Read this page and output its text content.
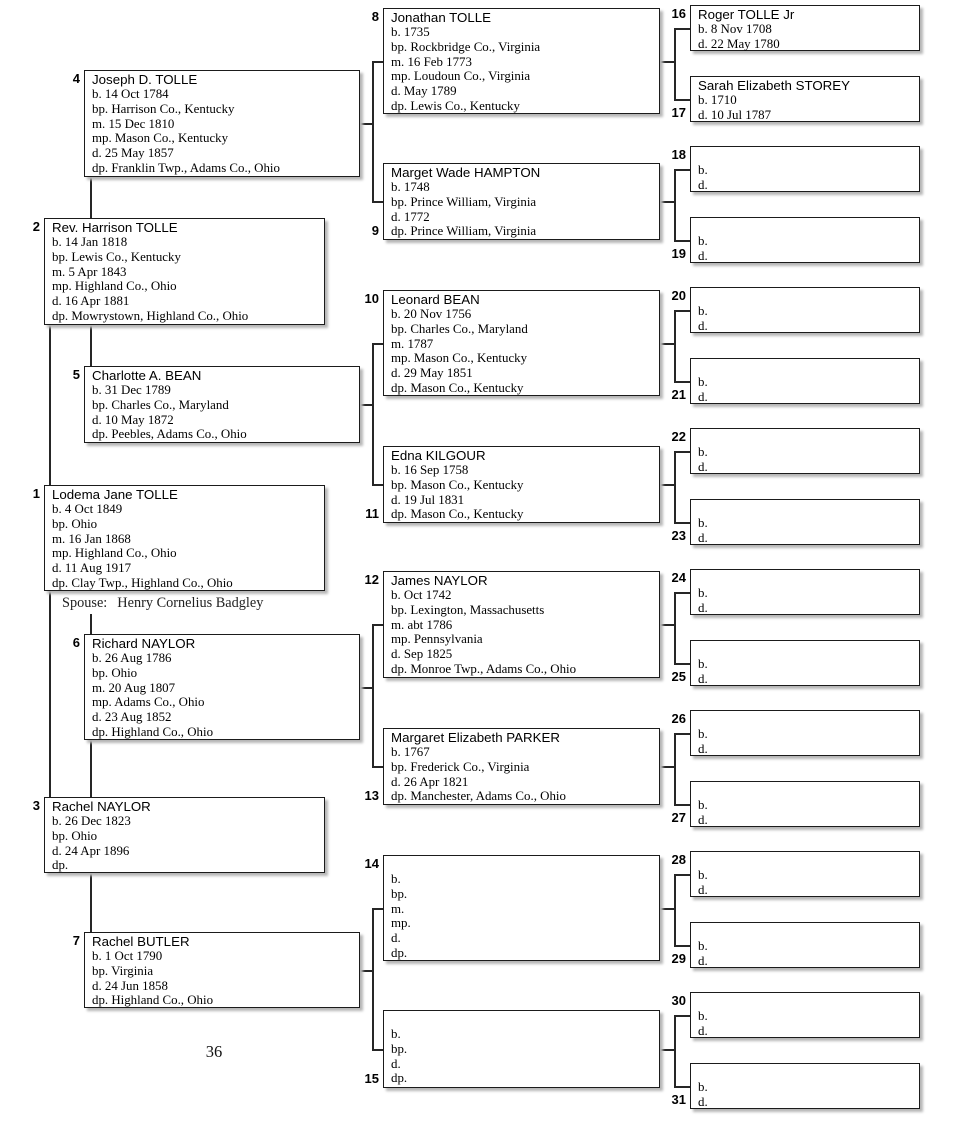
Spouse: Henry Cornelius Badgley
36
Lodema Jane TOLLE
b. 4 Oct 1849
bp. Ohio
m. 16 Jan 1868
mp. Highland Co., Ohio
d. 11 Aug 1917
dp. Clay Twp., Highland Co., Ohio
1
Rev. Harrison TOLLE
b. 14 Jan 1818
bp. Lewis Co., Kentucky
m. 5 Apr 1843
mp. Highland Co., Ohio
d. 16 Apr 1881
dp. Mowrystown, Highland Co., Ohio
2
Rachel NAYLOR
b. 26 Dec 1823
bp. Ohio
d. 24 Apr 1896
dp.
3
Joseph D. TOLLE
b. 14 Oct 1784
bp. Harrison Co., Kentucky
m. 15 Dec 1810
mp. Mason Co., Kentucky
d. 25 May 1857
dp. Franklin Twp., Adams Co., Ohio
4
Charlotte A. BEAN
b. 31 Dec 1789
bp. Charles Co., Maryland
d. 10 May 1872
dp. Peebles, Adams Co., Ohio
5
Richard NAYLOR
b. 26 Aug 1786
bp. Ohio
m. 20 Aug 1807
mp. Adams Co., Ohio
d. 23 Aug 1852
dp. Highland Co., Ohio
6
Rachel BUTLER
b. 1 Oct 1790
bp. Virginia
d. 24 Jun 1858
dp. Highland Co., Ohio
7
Jonathan TOLLE
b. 1735
bp. Rockbridge Co., Virginia
m. 16 Feb 1773
mp. Loudoun Co., Virginia
d. May 1789
dp. Lewis Co., Kentucky
8
Marget Wade HAMPTON
b. 1748
bp. Prince William, Virginia
d. 1772
dp. Prince William, Virginia
9
Leonard BEAN
b. 20 Nov 1756
bp. Charles Co., Maryland
m. 1787
mp. Mason Co., Kentucky
d. 29 May 1851
dp. Mason Co., Kentucky
10
Edna KILGOUR
b. 16 Sep 1758
bp. Mason Co., Kentucky
d. 19 Jul 1831
dp. Mason Co., Kentucky
11
James NAYLOR
b. Oct 1742
bp. Lexington, Massachusetts
m. abt 1786
mp. Pennsylvania
d. Sep 1825
dp. Monroe Twp., Adams Co., Ohio
12
Margaret Elizabeth PARKER
b. 1767
bp. Frederick Co., Virginia
d. 26 Apr 1821
dp. Manchester, Adams Co., Ohio
13
b.
bp.
m.
mp.
d.
dp.
14
b.
bp.
d.
dp.
15
Roger TOLLE Jr
b. 8 Nov 1708
d. 22 May 1780
16
Sarah Elizabeth STOREY
b. 1710
d. 10 Jul 1787
17
b.
d.
18
b.
d.
19
b.
d.
20
b.
d.
21
b.
d.
22
b.
d.
23
b.
d.
24
b.
d.
25
b.
d.
26
b.
d.
27
b.
d.
28
b.
d.
29
b.
d.
30
b.
d.
31
